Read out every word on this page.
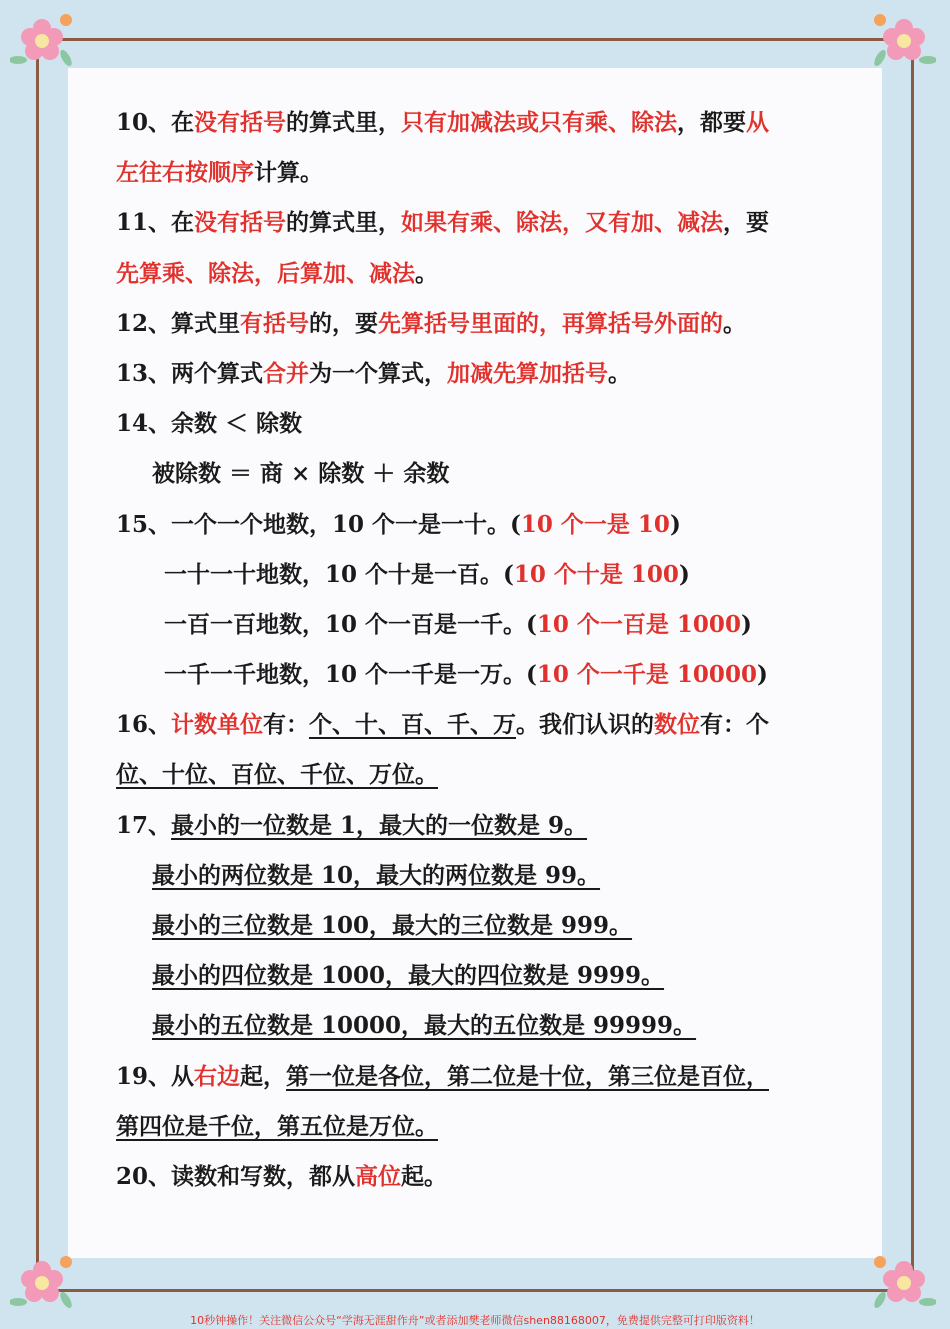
10、在没有括号的算式里，只有加减法或只有乘、除法，都要从
左往右按顺序计算。
11、在没有括号的算式里，如果有乘、除法，又有加、减法，要
先算乘、除法，后算加、减法。
12、算式里有括号的，要先算括号里面的，再算括号外面的。
13、两个算式合并为一个算式，加减先算加括号。
14、余数 ＜ 除数
被除数 ＝ 商 × 除数 ＋ 余数
15、一个一个地数，10 个一是一十。(10 个一是 10)
一十一十地数，10 个十是一百。(10 个十是 100)
一百一百地数，10 个一百是一千。(10 个一百是 1000)
一千一千地数，10 个一千是一万。(10 个一千是 10000)
16、计数单位有：个、十、百、千、万。我们认识的数位有：个
位、十位、百位、千位、万位。
17、最小的一位数是 1，最大的一位数是 9。
最小的两位数是 10，最大的两位数是 99。
最小的三位数是 100，最大的三位数是 999。
最小的四位数是 1000，最大的四位数是 9999。
最小的五位数是 10000，最大的五位数是 99999。
19、从右边起，第一位是各位，第二位是十位，第三位是百位，
第四位是千位，第五位是万位。
20、读数和写数，都从高位起。
10秒钟操作！关注微信公众号“学海无涯甜作舟”或者添加樊老师微信shen88168007，免费提供完整可打印版资料！
